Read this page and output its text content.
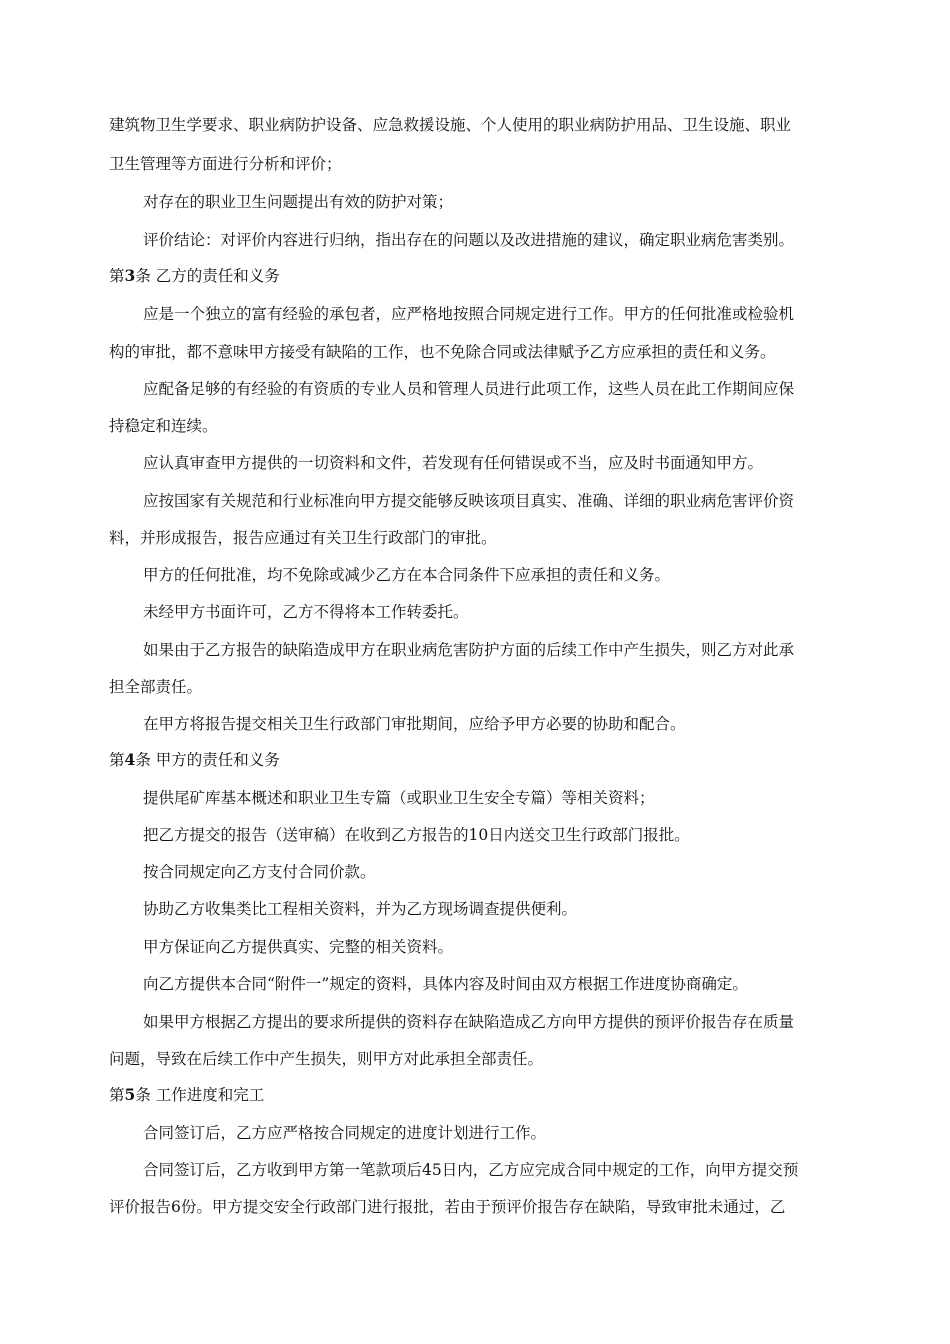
建筑物卫生学要求、职业病防护设备、应急救援设施、个人使用的职业病防护用品、卫生设施、职业
卫生管理等方面进行分析和评价；
对存在的职业卫生问题提出有效的防护对策；
评价结论：对评价内容进行归纳，指出存在的问题以及改进措施的建议，确定职业病危害类别。
第3条 乙方的责任和义务
应是一个独立的富有经验的承包者，应严格地按照合同规定进行工作。甲方的任何批准或检验机
构的审批，都不意味甲方接受有缺陷的工作，也不免除合同或法律赋予乙方应承担的责任和义务。
应配备足够的有经验的有资质的专业人员和管理人员进行此项工作，这些人员在此工作期间应保
持稳定和连续。
应认真审查甲方提供的一切资料和文件，若发现有任何错误或不当，应及时书面通知甲方。
应按国家有关规范和行业标准向甲方提交能够反映该项目真实、准确、详细的职业病危害评价资
料，并形成报告，报告应通过有关卫生行政部门的审批。
甲方的任何批准，均不免除或减少乙方在本合同条件下应承担的责任和义务。
未经甲方书面许可，乙方不得将本工作转委托。
如果由于乙方报告的缺陷造成甲方在职业病危害防护方面的后续工作中产生损失，则乙方对此承
担全部责任。
在甲方将报告提交相关卫生行政部门审批期间，应给予甲方必要的协助和配合。
第4条 甲方的责任和义务
提供尾矿库基本概述和职业卫生专篇（或职业卫生安全专篇）等相关资料；
把乙方提交的报告（送审稿）在收到乙方报告的10日内送交卫生行政部门报批。
按合同规定向乙方支付合同价款。
协助乙方收集类比工程相关资料，并为乙方现场调查提供便利。
甲方保证向乙方提供真实、完整的相关资料。
向乙方提供本合同“附件一”规定的资料，具体内容及时间由双方根据工作进度协商确定。
如果甲方根据乙方提出的要求所提供的资料存在缺陷造成乙方向甲方提供的预评价报告存在质量
问题，导致在后续工作中产生损失，则甲方对此承担全部责任。
第5条 工作进度和完工
合同签订后，乙方应严格按合同规定的进度计划进行工作。
合同签订后，乙方收到甲方第一笔款项后45日内，乙方应完成合同中规定的工作，向甲方提交预
评价报告6份。甲方提交安全行政部门进行报批，若由于预评价报告存在缺陷，导致审批未通过，乙
